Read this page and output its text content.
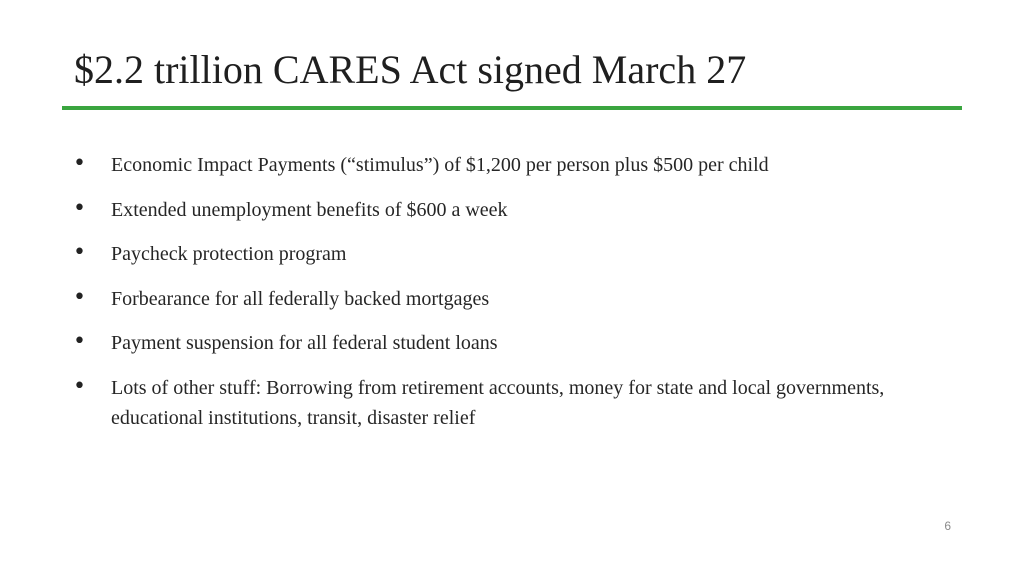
$2.2 trillion CARES Act signed March 27
• Economic Impact Payments (“stimulus”) of $1,200 per person plus $500 per child
• Extended unemployment benefits of $600 a week
• Paycheck protection program
• Forbearance for all federally backed mortgages
• Payment suspension for all federal student loans
• Lots of other stuff: Borrowing from retirement accounts, money for state and local governments, educational institutions, transit, disaster relief
6
